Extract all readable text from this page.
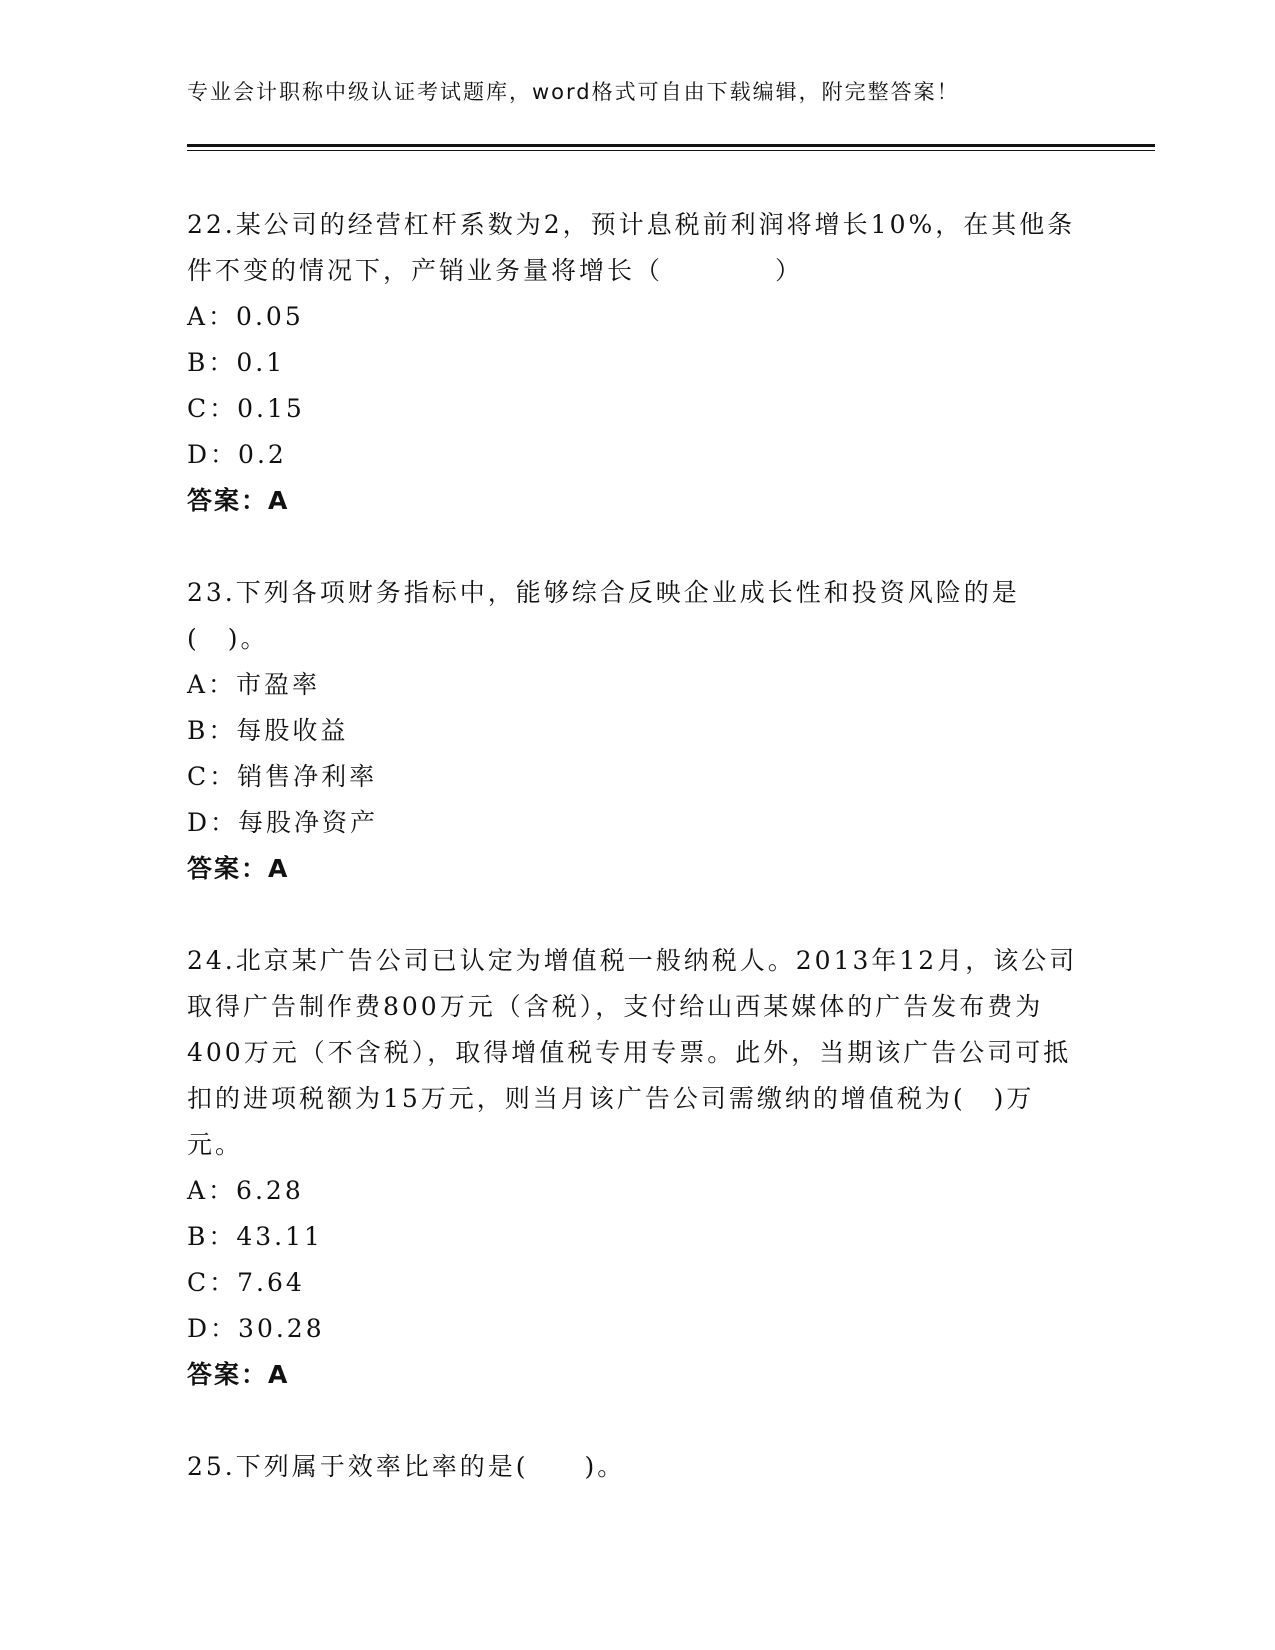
专业会计职称中级认证考试题库，word格式可自由下载编辑，附完整答案！

22.某公司的经营杠杆系数为2，预计息税前利润将增长10%，在其他条件不变的情况下，产销业务量将增长（　　　　）

A：0.05

B：0.1

C：0.15

D：0.2

答案：A

23.下列各项财务指标中，能够综合反映企业成长性和投资风险的是(　)。

A：市盈率

B：每股收益

C：销售净利率

D：每股净资产

答案：A

24.北京某广告公司已认定为增值税一般纳税人。2013年12月，该公司取得广告制作费800万元（含税），支付给山西某媒体的广告发布费为400万元（不含税），取得增值税专用专票。此外，当期该广告公司可抵扣的进项税额为15万元，则当月该广告公司需缴纳的增值税为(　)万元。

A：6.28

B：43.11

C：7.64

D：30.28

答案：A

25.下列属于效率比率的是(　　)。
